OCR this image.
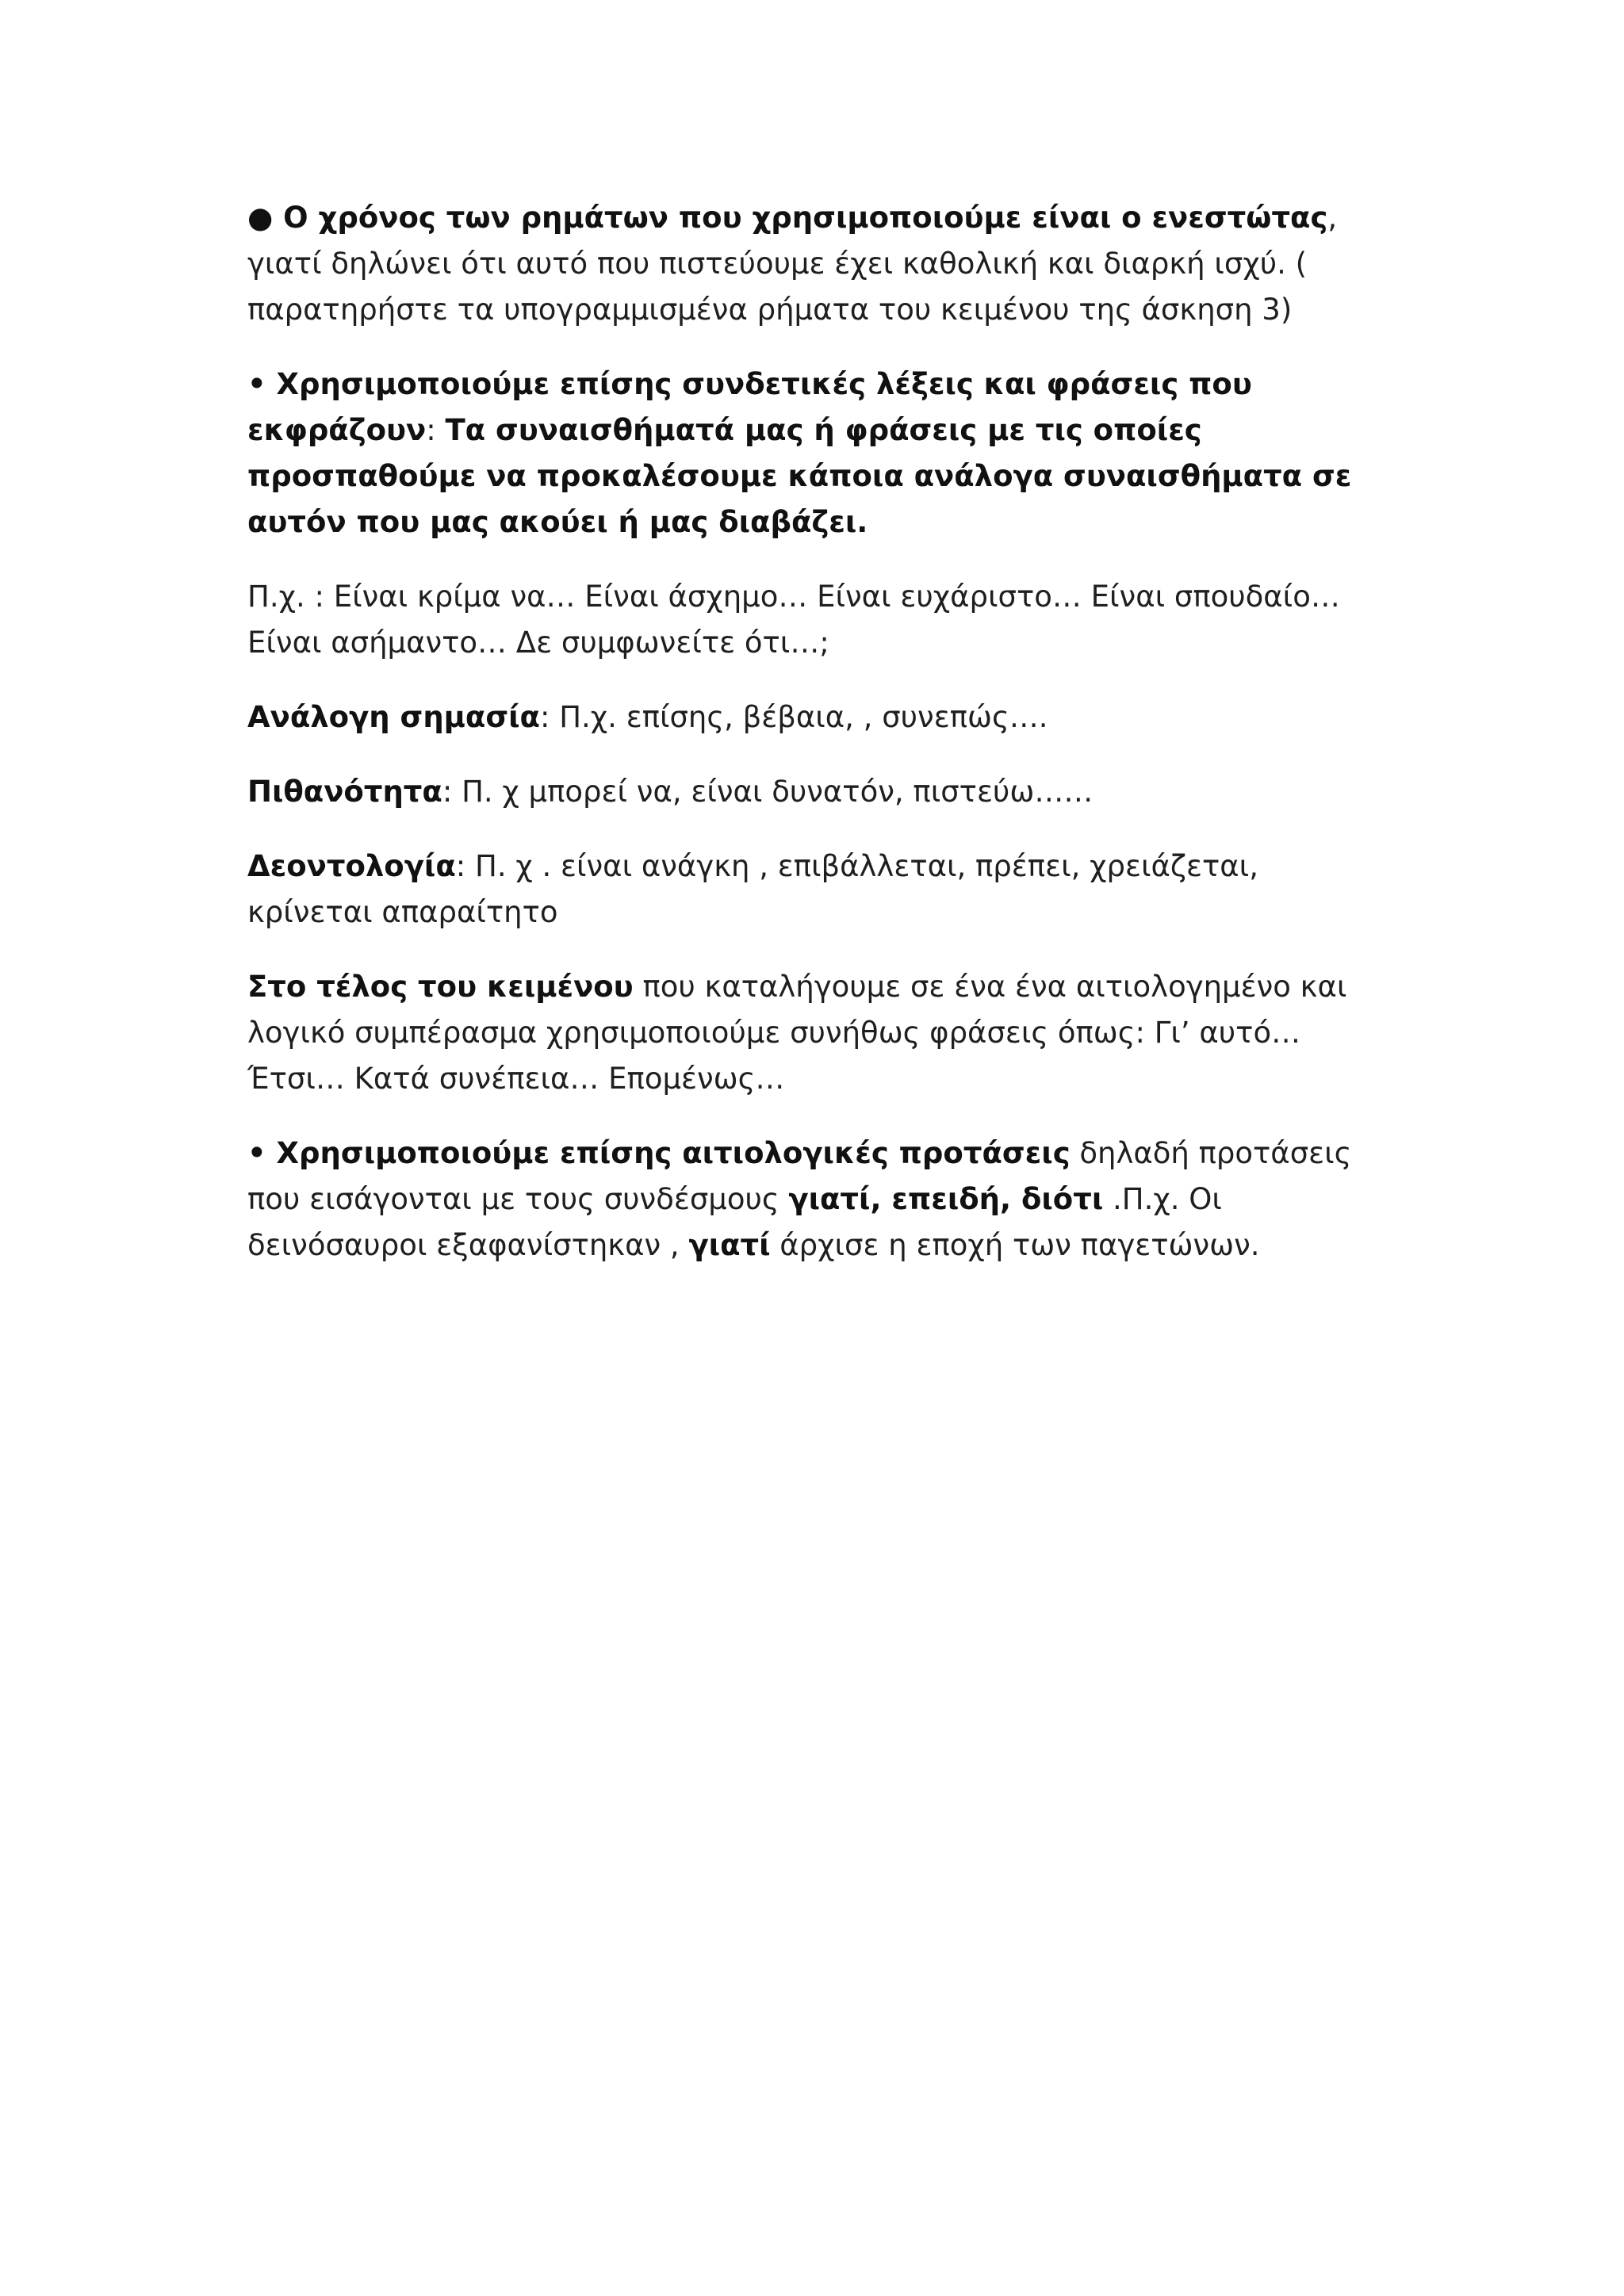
● Ο χρόνος των ρημάτων που χρησιμοποιούμε είναι ο ενεστώτας, γιατί δηλώνει ότι αυτό που πιστεύουμε έχει καθολική και διαρκή ισχύ. ( παρατηρήστε τα υπογραμμισμένα ρήματα του κειμένου της άσκηση 3)

• Χρησιμοποιούμε επίσης συνδετικές λέξεις και φράσεις που εκφράζουν: Τα συναισθήματά μας ή φράσεις με τις οποίες προσπαθούμε να προκαλέσουμε κάποια ανάλογα συναισθήματα σε αυτόν που μας ακούει ή μας διαβάζει.

Π.χ. : Είναι κρίμα να… Είναι άσχημο… Είναι ευχάριστο… Είναι σπουδαίο… Είναι ασήμαντο… Δε συμφωνείτε ότι…;

Ανάλογη σημασία: Π.χ. επίσης, βέβαια, , συνεπώς….

Πιθανότητα: Π. χ μπορεί να, είναι δυνατόν, πιστεύω……

Δεοντολογία: Π. χ . είναι ανάγκη , επιβάλλεται, πρέπει, χρειάζεται, κρίνεται απαραίτητο

Στο τέλος του κειμένου που καταλήγουμε σε ένα ένα αιτιολογημένο και λογικό συμπέρασμα χρησιμοποιούμε συνήθως φράσεις όπως: Γι’ αυτό… Έτσι… Κατά συνέπεια… Επομένως…

• Χρησιμοποιούμε επίσης αιτιολογικές προτάσεις δηλαδή προτάσεις που εισάγονται με τους συνδέσμους γιατί, επειδή, διότι .Π.χ. Οι δεινόσαυροι εξαφανίστηκαν , γιατί άρχισε η εποχή των παγετώνων.
